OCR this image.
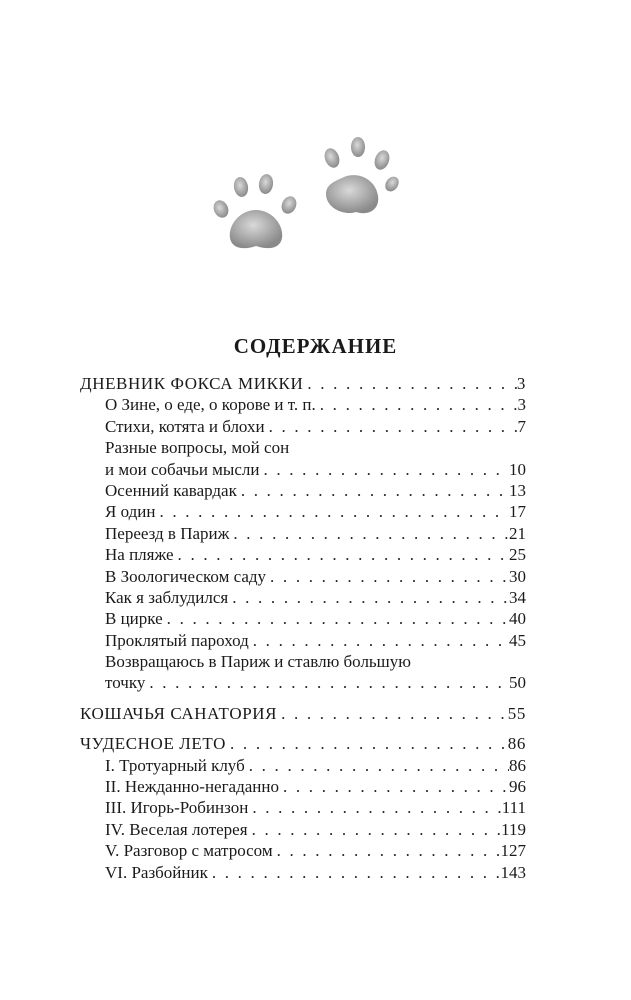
СОДЕРЖАНИЕ
ДНЕВНИК ФОКСА МИККИ . . .	3
О Зине, о еде, о корове и т. п. . . .	3
Стихи, котята и блохи . . .	7
Разные вопросы, мой сон
и мои собачьи мысли . . .	10
Осенний кавардак . . .	13
Я один . . .	17
Переезд в Париж . . .	21
На пляже . . .	25
В Зоологическом саду . . .	30
Как я заблудился . . .	34
В цирке . . .	40
Проклятый пароход . . .	45
Возвращаюсь в Париж и ставлю большую
точку . . .	50
КОШАЧЬЯ САНАТОРИЯ . . .	55
ЧУДЕСНОЕ ЛЕТО . . .	86
I. Тротуарный клуб . . .	86
II. Нежданно-негаданно . . .	96
III. Игорь-Робинзон . . .	111
IV. Веселая лотерея . . .	119
V. Разговор с матросом . . .	127
VI. Разбойник . . .	143
